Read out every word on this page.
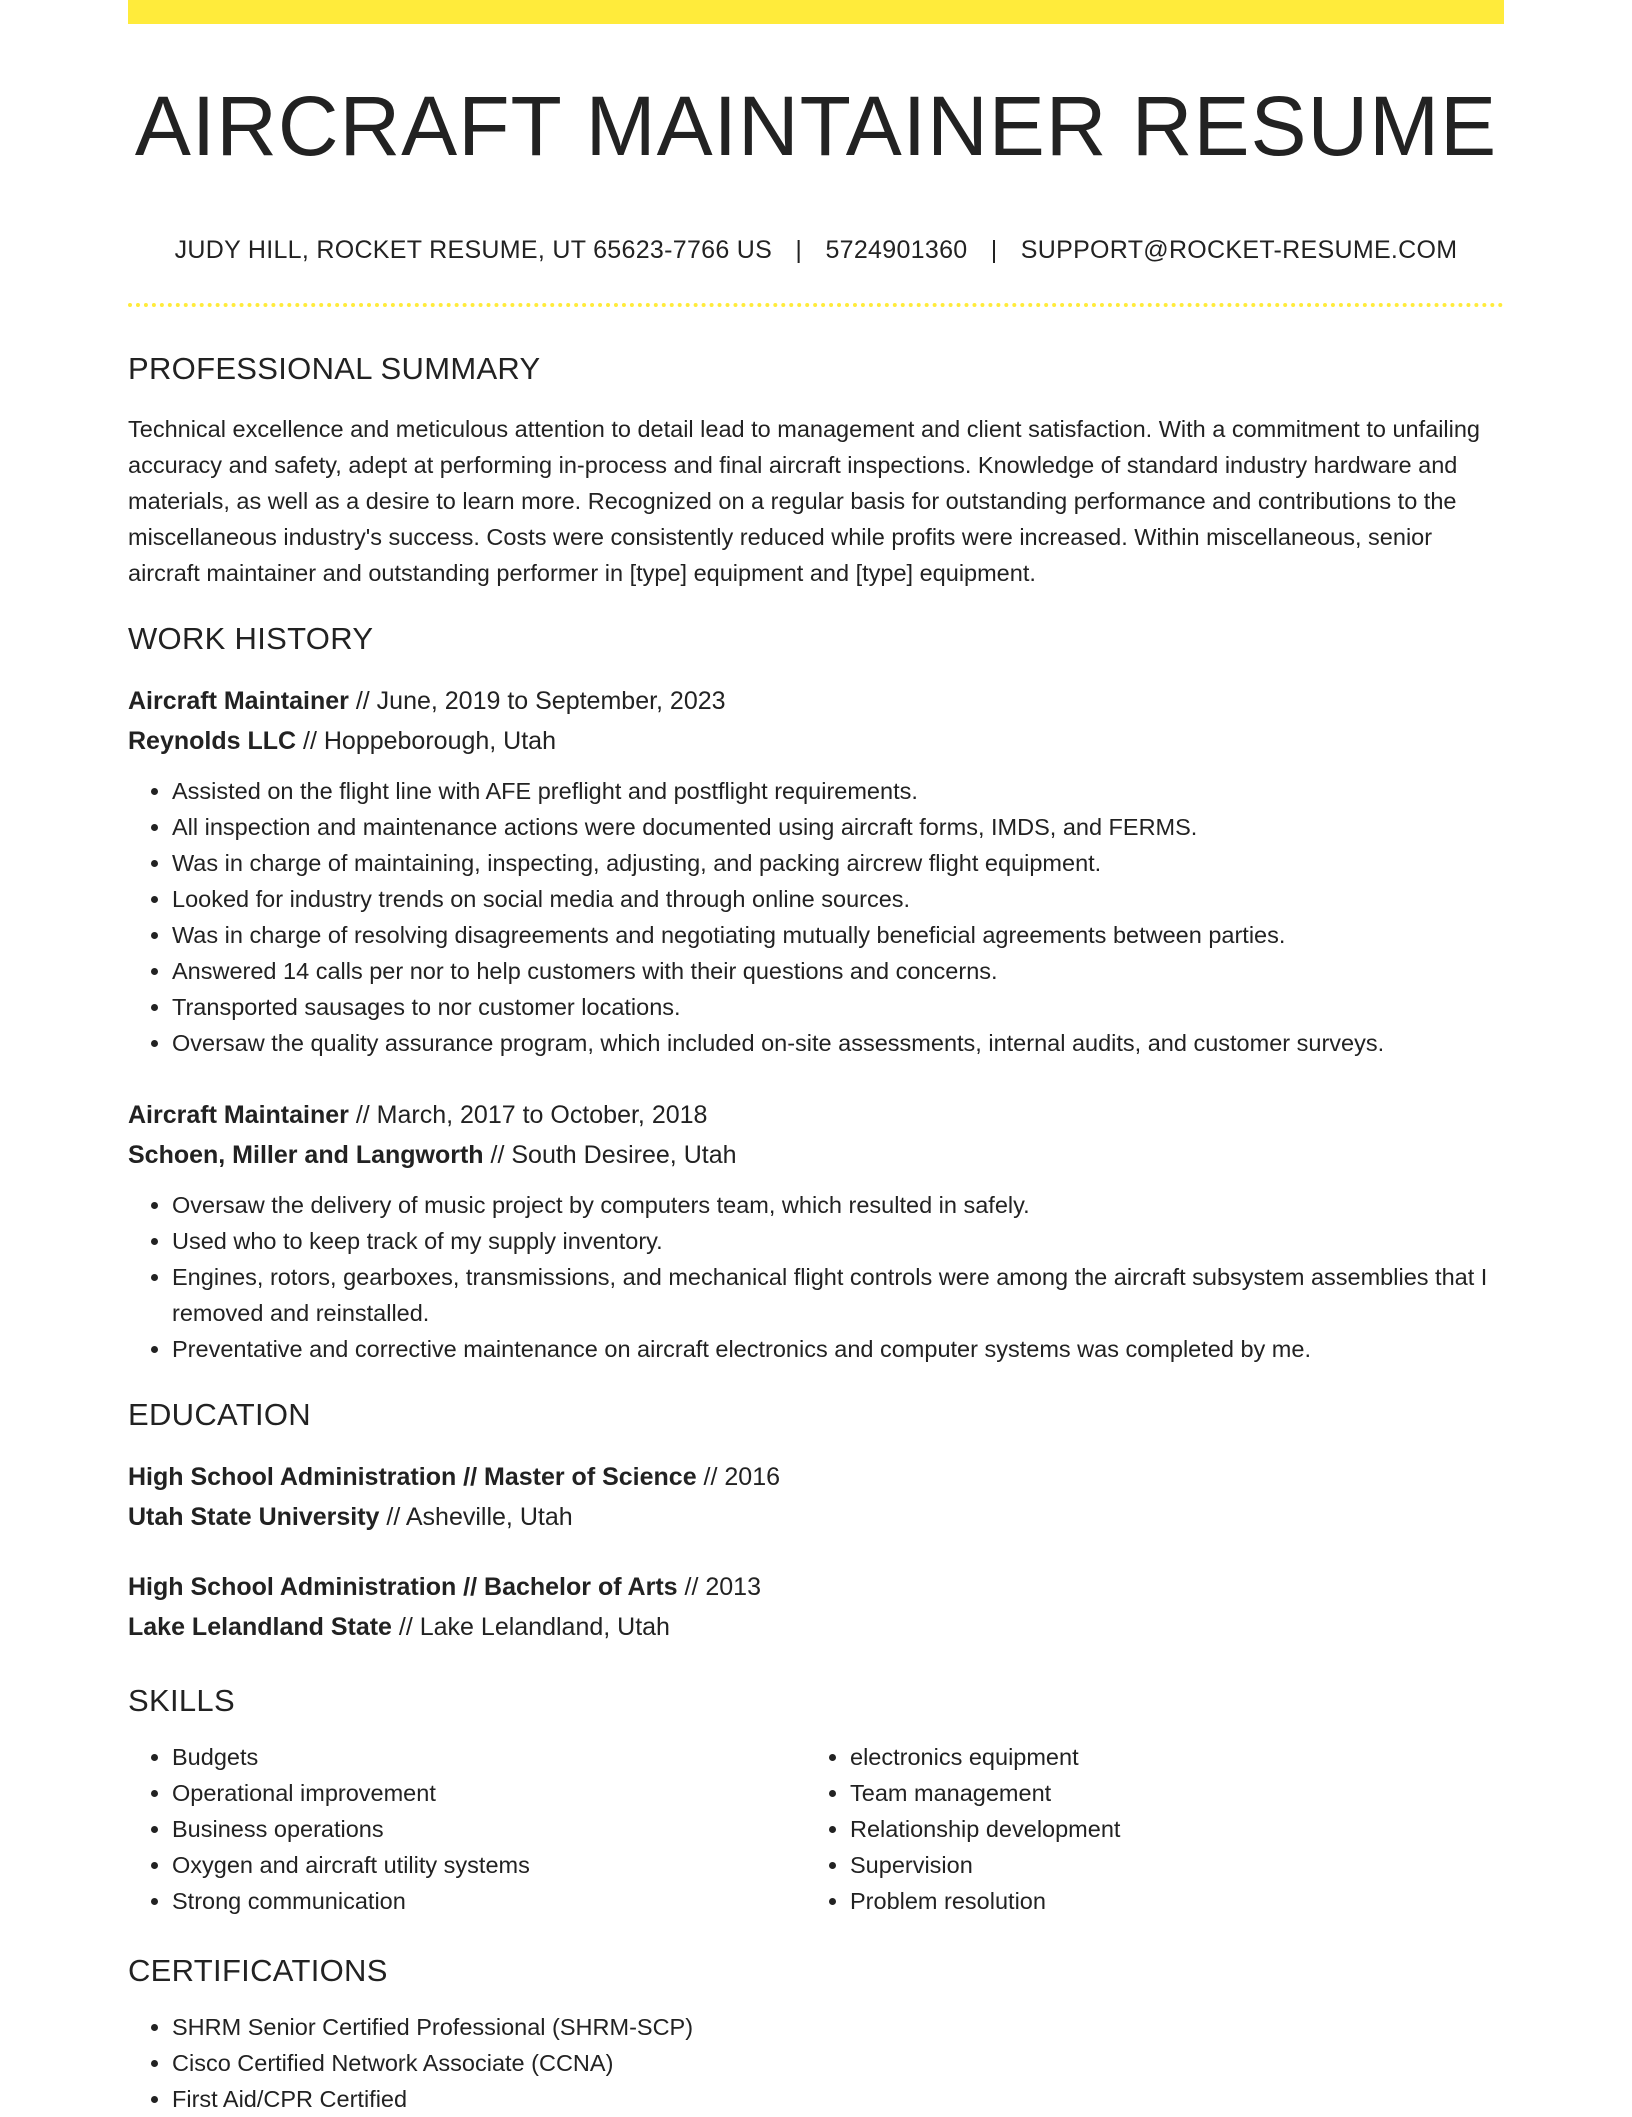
AIRCRAFT MAINTAINER RESUME
JUDY HILL, ROCKET RESUME, UT 65623-7766 US | 5724901360 | SUPPORT@ROCKET-RESUME.COM
PROFESSIONAL SUMMARY
Technical excellence and meticulous attention to detail lead to management and client satisfaction. With a commitment to unfailing accuracy and safety, adept at performing in-process and final aircraft inspections. Knowledge of standard industry hardware and materials, as well as a desire to learn more. Recognized on a regular basis for outstanding performance and contributions to the miscellaneous industry's success. Costs were consistently reduced while profits were increased. Within miscellaneous, senior aircraft maintainer and outstanding performer in [type] equipment and [type] equipment.
WORK HISTORY
Aircraft Maintainer // June, 2019 to September, 2023
Reynolds LLC // Hoppeborough, Utah
• Assisted on the flight line with AFE preflight and postflight requirements.
• All inspection and maintenance actions were documented using aircraft forms, IMDS, and FERMS.
• Was in charge of maintaining, inspecting, adjusting, and packing aircrew flight equipment.
• Looked for industry trends on social media and through online sources.
• Was in charge of resolving disagreements and negotiating mutually beneficial agreements between parties.
• Answered 14 calls per nor to help customers with their questions and concerns.
• Transported sausages to nor customer locations.
• Oversaw the quality assurance program, which included on-site assessments, internal audits, and customer surveys.
Aircraft Maintainer // March, 2017 to October, 2018
Schoen, Miller and Langworth // South Desiree, Utah
• Oversaw the delivery of music project by computers team, which resulted in safely.
• Used who to keep track of my supply inventory.
• Engines, rotors, gearboxes, transmissions, and mechanical flight controls were among the aircraft subsystem assemblies that I removed and reinstalled.
• Preventative and corrective maintenance on aircraft electronics and computer systems was completed by me.
EDUCATION
High School Administration // Master of Science // 2016
Utah State University // Asheville, Utah
High School Administration // Bachelor of Arts // 2013
Lake Lelandland State // Lake Lelandland, Utah
SKILLS
• Budgets
• Operational improvement
• Business operations
• Oxygen and aircraft utility systems
• Strong communication
• electronics equipment
• Team management
• Relationship development
• Supervision
• Problem resolution
CERTIFICATIONS
• SHRM Senior Certified Professional (SHRM-SCP)
• Cisco Certified Network Associate (CCNA)
• First Aid/CPR Certified
